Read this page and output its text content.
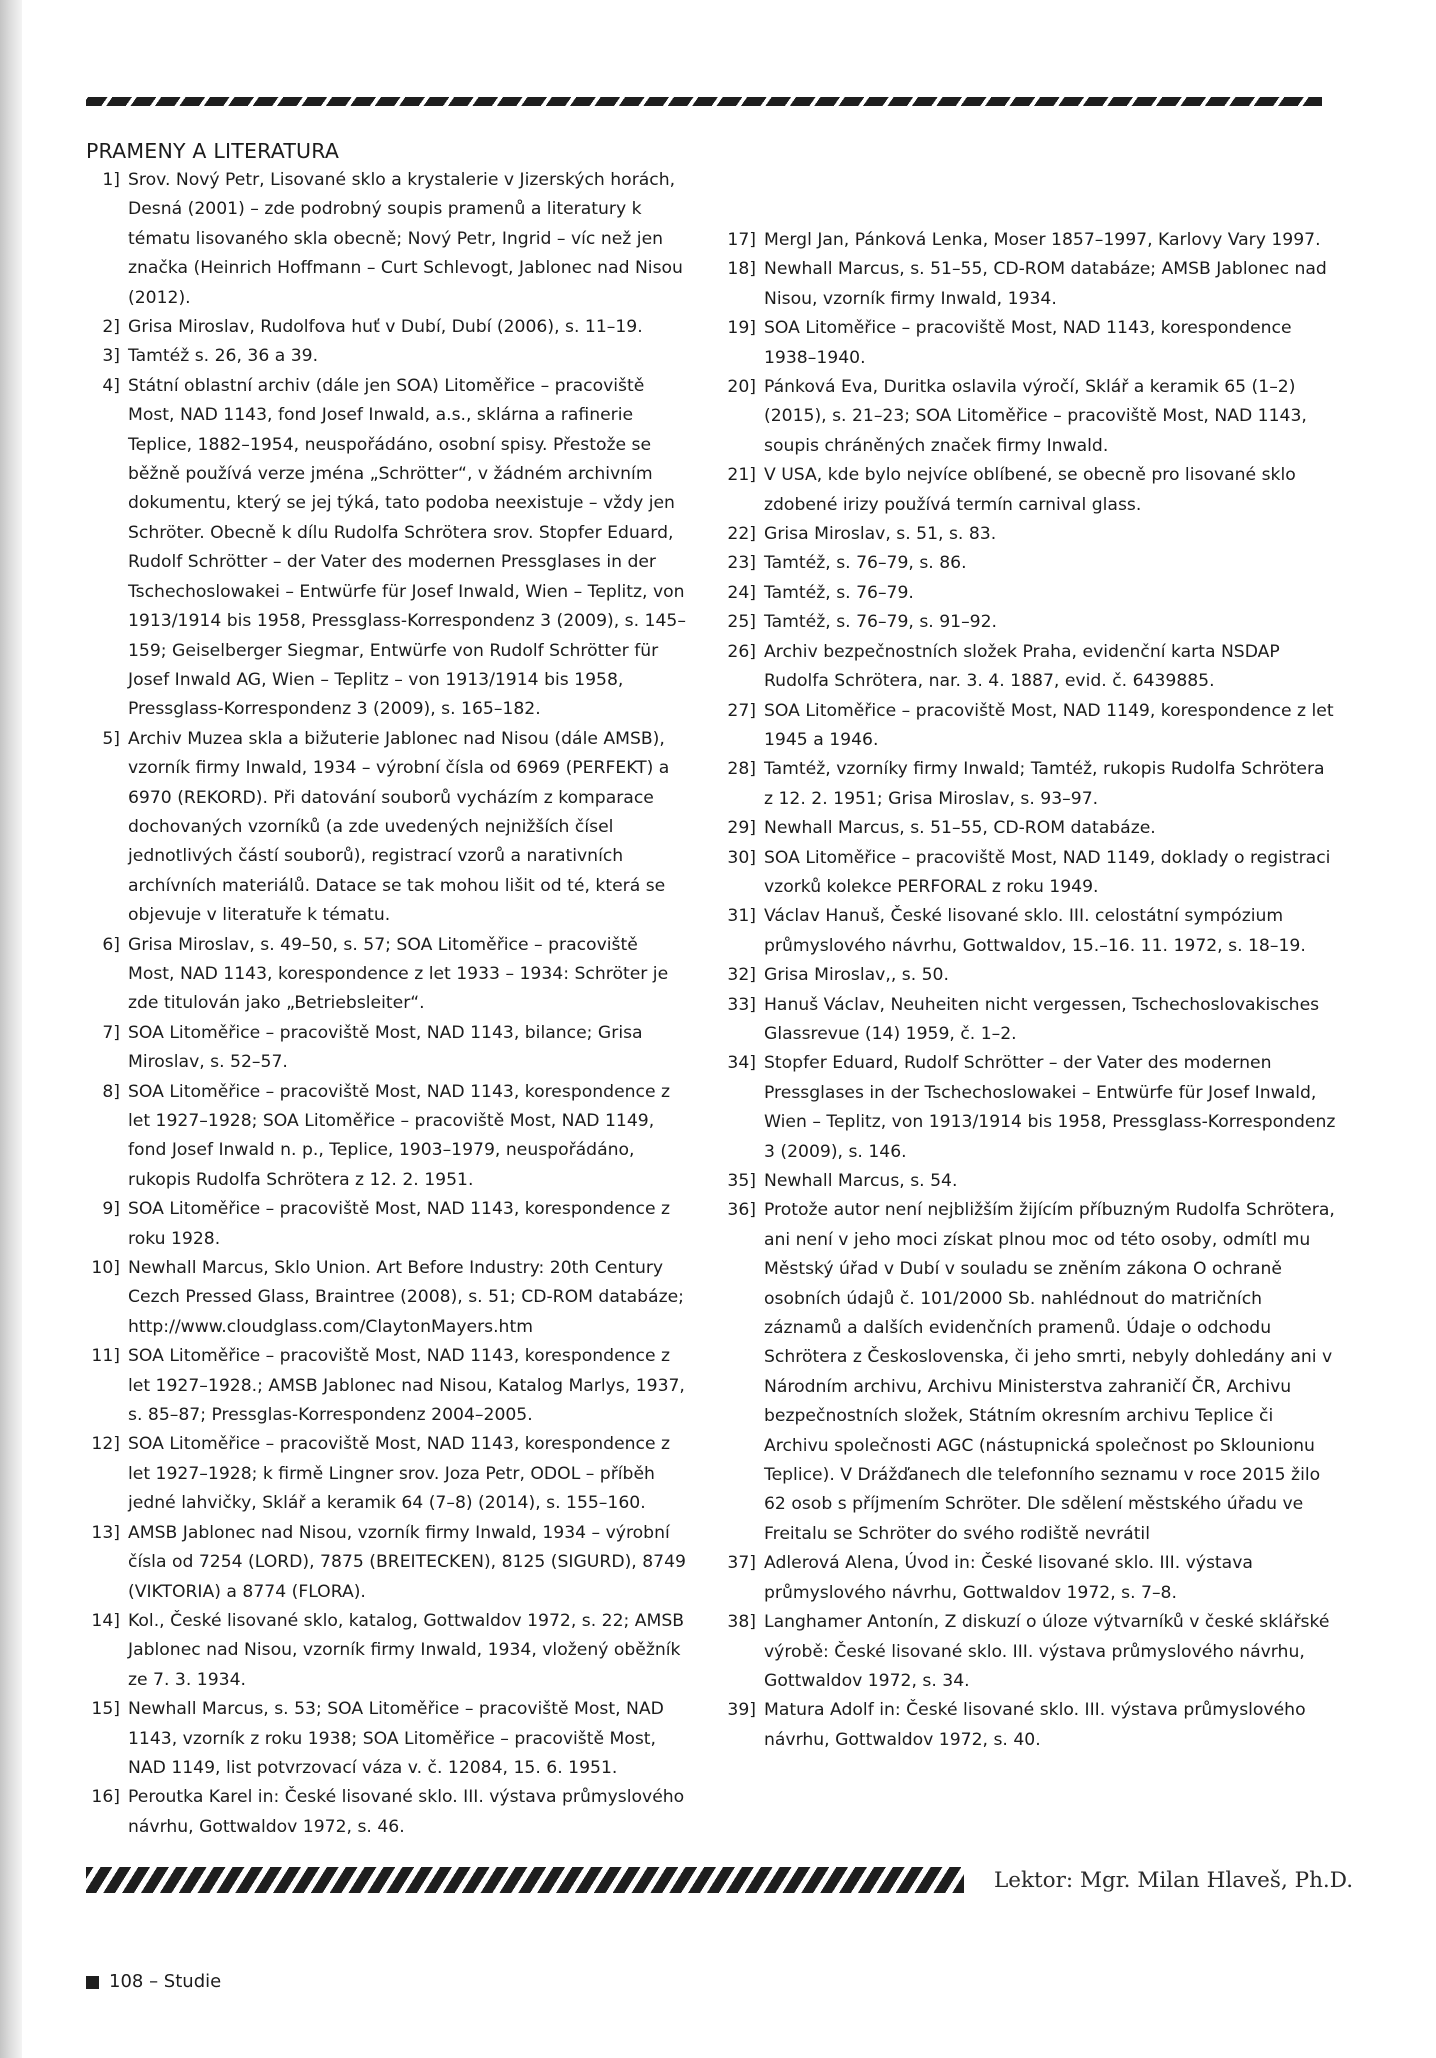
PRAMENY A LITERATURA
1] Srov. Nový Petr, Lisované sklo a krystalerie v Jizerských horách, Desná (2001) – zde podrobný soupis pramenů a literatury k tématu lisovaného skla obecně; Nový Petr, Ingrid – víc než jen značka (Heinrich Hoffmann – Curt Schlevogt, Jablonec nad Nisou (2012).
2] Grisa Miroslav, Rudolfova huť v Dubí, Dubí (2006), s. 11–19.
3] Tamtéž s. 26, 36 a 39.
4] Státní oblastní archiv (dále jen SOA) Litoměřice – pracoviště Most, NAD 1143, fond Josef Inwald, a.s., sklárna a rafinerie Teplice, 1882–1954, neuspořádáno, osobní spisy. Přestože se běžně používá verze jména „Schrötter“, v žádném archivním dokumentu, který se jej týká, tato podoba neexistuje – vždy jen Schröter. Obecně k dílu Rudolfa Schrötera srov. Stopfer Eduard, Rudolf Schrötter – der Vater des modernen Pressglases in der Tschechoslowakei – Entwürfe für Josef Inwald, Wien – Teplitz, von 1913/1914 bis 1958, Pressglass-Korrespondenz 3 (2009), s. 145–159; Geiselberger Siegmar, Entwürfe von Rudolf Schrötter für Josef Inwald AG, Wien – Teplitz – von 1913/1914 bis 1958, Pressglass-Korrespondenz 3 (2009), s. 165–182.
5] Archiv Muzea skla a bižuterie Jablonec nad Nisou (dále AMSB), vzorník firmy Inwald, 1934 – výrobní čísla od 6969 (PERFEKT) a 6970 (REKORD). Při datování souborů vycházím z komparace dochovaných vzorníků (a zde uvedených nejnižších čísel jednotlivých částí souborů), registrací vzorů a narativních archívních materiálů. Datace se tak mohou lišit od té, která se objevuje v literatuře k tématu.
6] Grisa Miroslav, s. 49–50, s. 57; SOA Litoměřice – pracoviště Most, NAD 1143, korespondence z let 1933 – 1934: Schröter je zde titulován jako „Betriebsleiter“.
7] SOA Litoměřice – pracoviště Most, NAD 1143, bilance; Grisa Miroslav, s. 52–57.
8] SOA Litoměřice – pracoviště Most, NAD 1143, korespondence z let 1927–1928; SOA Litoměřice – pracoviště Most, NAD 1149, fond Josef Inwald n. p., Teplice, 1903–1979, neuspořádáno, rukopis Rudolfa Schrötera z 12. 2. 1951.
9] SOA Litoměřice – pracoviště Most, NAD 1143, korespondence z roku 1928.
10] Newhall Marcus, Sklo Union. Art Before Industry: 20th Century Cezch Pressed Glass, Braintree (2008), s. 51; CD-ROM databáze; http://www.cloudglass.com/ClaytonMayers.htm
11] SOA Litoměřice – pracoviště Most, NAD 1143, korespondence z let 1927–1928.; AMSB Jablonec nad Nisou, Katalog Marlys, 1937, s. 85–87; Pressglas-Korrespondenz 2004–2005.
12] SOA Litoměřice – pracoviště Most, NAD 1143, korespondence z let 1927–1928; k firmě Lingner srov. Joza Petr, ODOL – příběh jedné lahvičky, Sklář a keramik 64 (7–8) (2014), s. 155–160.
13] AMSB Jablonec nad Nisou, vzorník firmy Inwald, 1934 – výrobní čísla od 7254 (LORD), 7875 (BREITECKEN), 8125 (SIGURD), 8749 (VIKTORIA) a 8774 (FLORA).
14] Kol., České lisované sklo, katalog, Gottwaldov 1972, s. 22; AMSB Jablonec nad Nisou, vzorník firmy Inwald, 1934, vložený oběžník ze 7. 3. 1934.
15] Newhall Marcus, s. 53; SOA Litoměřice – pracoviště Most, NAD 1143, vzorník z roku 1938; SOA Litoměřice – pracoviště Most, NAD 1149, list potvrzovací váza v. č. 12084, 15. 6. 1951.
16] Peroutka Karel in: České lisované sklo. III. výstava průmyslového návrhu, Gottwaldov 1972, s. 46.
17] Mergl Jan, Pánková Lenka, Moser 1857–1997, Karlovy Vary 1997.
18] Newhall Marcus, s. 51–55, CD-ROM databáze; AMSB Jablonec nad Nisou, vzorník firmy Inwald, 1934.
19] SOA Litoměřice – pracoviště Most, NAD 1143, korespondence 1938–1940.
20] Pánková Eva, Duritka oslavila výročí, Sklář a keramik 65 (1–2) (2015), s. 21–23; SOA Litoměřice – pracoviště Most, NAD 1143, soupis chráněných značek firmy Inwald.
21] V USA, kde bylo nejvíce oblíbené, se obecně pro lisované sklo zdobené irizy používá termín carnival glass.
22] Grisa Miroslav, s. 51, s. 83.
23] Tamtéž, s. 76–79, s. 86.
24] Tamtéž, s. 76–79.
25] Tamtéž, s. 76–79, s. 91–92.
26] Archiv bezpečnostních složek Praha, evidenční karta NSDAP Rudolfa Schrötera, nar. 3. 4. 1887, evid. č. 6439885.
27] SOA Litoměřice – pracoviště Most, NAD 1149, korespondence z let 1945 a 1946.
28] Tamtéž, vzorníky firmy Inwald; Tamtéž, rukopis Rudolfa Schrötera z 12. 2. 1951; Grisa Miroslav, s. 93–97.
29] Newhall Marcus, s. 51–55, CD-ROM databáze.
30] SOA Litoměřice – pracoviště Most, NAD 1149, doklady o registraci vzorků kolekce PERFORAL z roku 1949.
31] Václav Hanuš, České lisované sklo. III. celostátní sympózium průmyslového návrhu, Gottwaldov, 15.–16. 11. 1972, s. 18–19.
32] Grisa Miroslav,, s. 50.
33] Hanuš Václav, Neuheiten nicht vergessen, Tschechoslovakisches Glassrevue (14) 1959, č. 1–2.
34] Stopfer Eduard, Rudolf Schrötter – der Vater des modernen Pressglases in der Tschechoslowakei – Entwürfe für Josef Inwald, Wien – Teplitz, von 1913/1914 bis 1958, Pressglass-Korrespondenz 3 (2009), s. 146.
35] Newhall Marcus, s. 54.
36] Protože autor není nejbližším žijícím příbuzným Rudolfa Schrötera, ani není v jeho moci získat plnou moc od této osoby, odmítl mu Městský úřad v Dubí v souladu se zněním zákona O ochraně osobních údajů č. 101/2000 Sb. nahlédnout do matričních záznamů a dalších evidenčních pramenů. Údaje o odchodu Schrötera z Československa, či jeho smrti, nebyly dohledány ani v Národním archivu, Archivu Ministerstva zahraničí ČR, Archivu bezpečnostních složek, Státním okresním archivu Teplice či Archivu společnosti AGC (nástupnická společnost po Sklounionu Teplice). V Drážďanech dle telefonního seznamu v roce 2015 žilo 62 osob s příjmením Schröter. Dle sdělení městského úřadu ve Freitalu se Schröter do svého rodiště nevrátil
37] Adlerová Alena, Úvod in: České lisované sklo. III. výstava průmyslového návrhu, Gottwaldov 1972, s. 7–8.
38] Langhamer Antonín, Z diskuzí o úloze výtvarníků v české sklářské výrobě: České lisované sklo. III. výstava průmyslového návrhu, Gottwaldov 1972, s. 34.
39] Matura Adolf in: České lisované sklo. III. výstava průmyslového návrhu, Gottwaldov 1972, s. 40.

Lektor: Mgr. Milan Hlaveš, Ph.D.

108 – Studie
